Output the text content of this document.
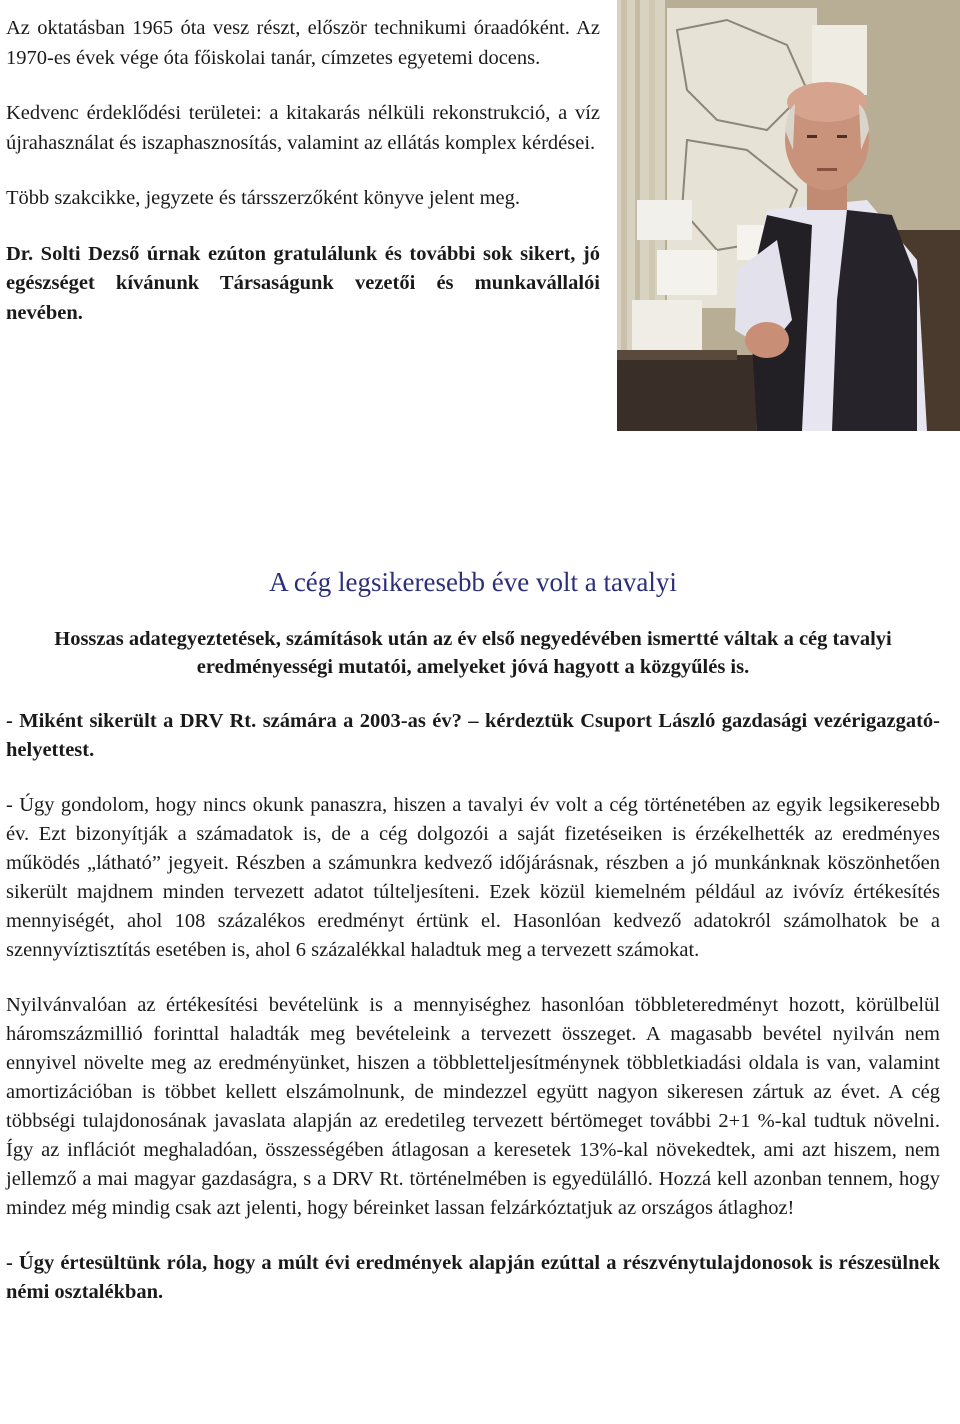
Az oktatásban 1965 óta vesz részt, először technikumi óraadóként. Az 1970-es évek vége óta főiskolai tanár, címzetes egyetemi docens.

Kedvenc érdeklődési területei: a kitakarás nélküli rekonstrukció, a víz újrahasználat és iszaphasznosítás, valamint az ellátás komplex kérdései.

Több szakcikke, jegyzete és társszerzőként könyve jelent meg.

Dr. Solti Dezső úrnak ezúton gratulálunk és további sok sikert, jó egészséget kívánunk Társaságunk vezetői és munkavállalói nevében.

A cég legsikeresebb éve volt a tavalyi

Hosszas adategyeztetések, számítások után az év első negyedévében ismertté váltak a cég tavalyi eredményességi mutatói, amelyeket jóvá hagyott a közgyűlés is.

- Miként sikerült a DRV Rt. számára a 2003-as év? – kérdeztük Csuport László gazdasági vezérigazgató-helyettest.

- Úgy gondolom, hogy nincs okunk panaszra, hiszen a tavalyi év volt a cég történetében az egyik legsikeresebb év. Ezt bizonyítják a számadatok is, de a cég dolgozói a saját fizetéseiken is érzékelhették az eredményes működés „látható” jegyeit. Részben a számunkra kedvező időjárásnak, részben a jó munkánknak köszönhetően sikerült majdnem minden tervezett adatot túlteljesíteni. Ezek közül kiemelném például az ivóvíz értékesítés mennyiségét, ahol 108 százalékos eredményt értünk el. Hasonlóan kedvező adatokról számolhatok be a szennyvíztisztítás esetében is, ahol 6 százalékkal haladtuk meg a tervezett számokat.

Nyilvánvalóan az értékesítési bevételünk is a mennyiséghez hasonlóan többleteredményt hozott, körülbelül háromszázmillió forinttal haladták meg bevételeink a tervezett összeget. A magasabb bevétel nyilván nem ennyivel növelte meg az eredményünket, hiszen a többletteljesítménynek többletkiadási oldala is van, valamint amortizációban is többet kellett elszámolnunk, de mindezzel együtt nagyon sikeresen zártuk az évet. A cég többségi tulajdonosának javaslata alapján az eredetileg tervezett bértömeget további 2+1 %-kal tudtuk növelni. Így az inflációt meghaladóan, összességében átlagosan a keresetek 13%-kal növekedtek, ami azt hiszem, nem jellemző a mai magyar gazdaságra, s a DRV Rt. történelmében is egyedülálló. Hozzá kell azonban tennem, hogy mindez még mindig csak azt jelenti, hogy béreinket lassan felzárkóztatjuk az országos átlaghoz!

- Úgy értesültünk róla, hogy a múlt évi eredmények alapján ezúttal a részvénytulajdonosok is részesülnek némi osztalékban.
